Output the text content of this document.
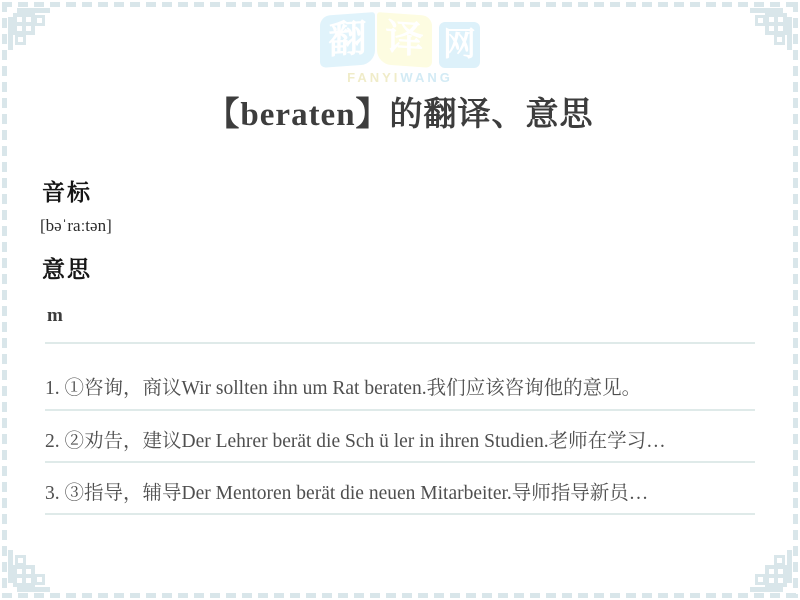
翻 译 网
FANYIWANG
【beraten】的翻译、意思
音标
[bəˈraːtən]
意思
m
1. ①咨询，商议Wir sollten ihn um Rat beraten.我们应该咨询他的意见。
2. ②劝告，建议Der Lehrer berät die Sch ü ler in ihren Studien.老师在学习…
3. ③指导，辅导Der Mentoren berät die neuen Mitarbeiter.导师指导新员…
